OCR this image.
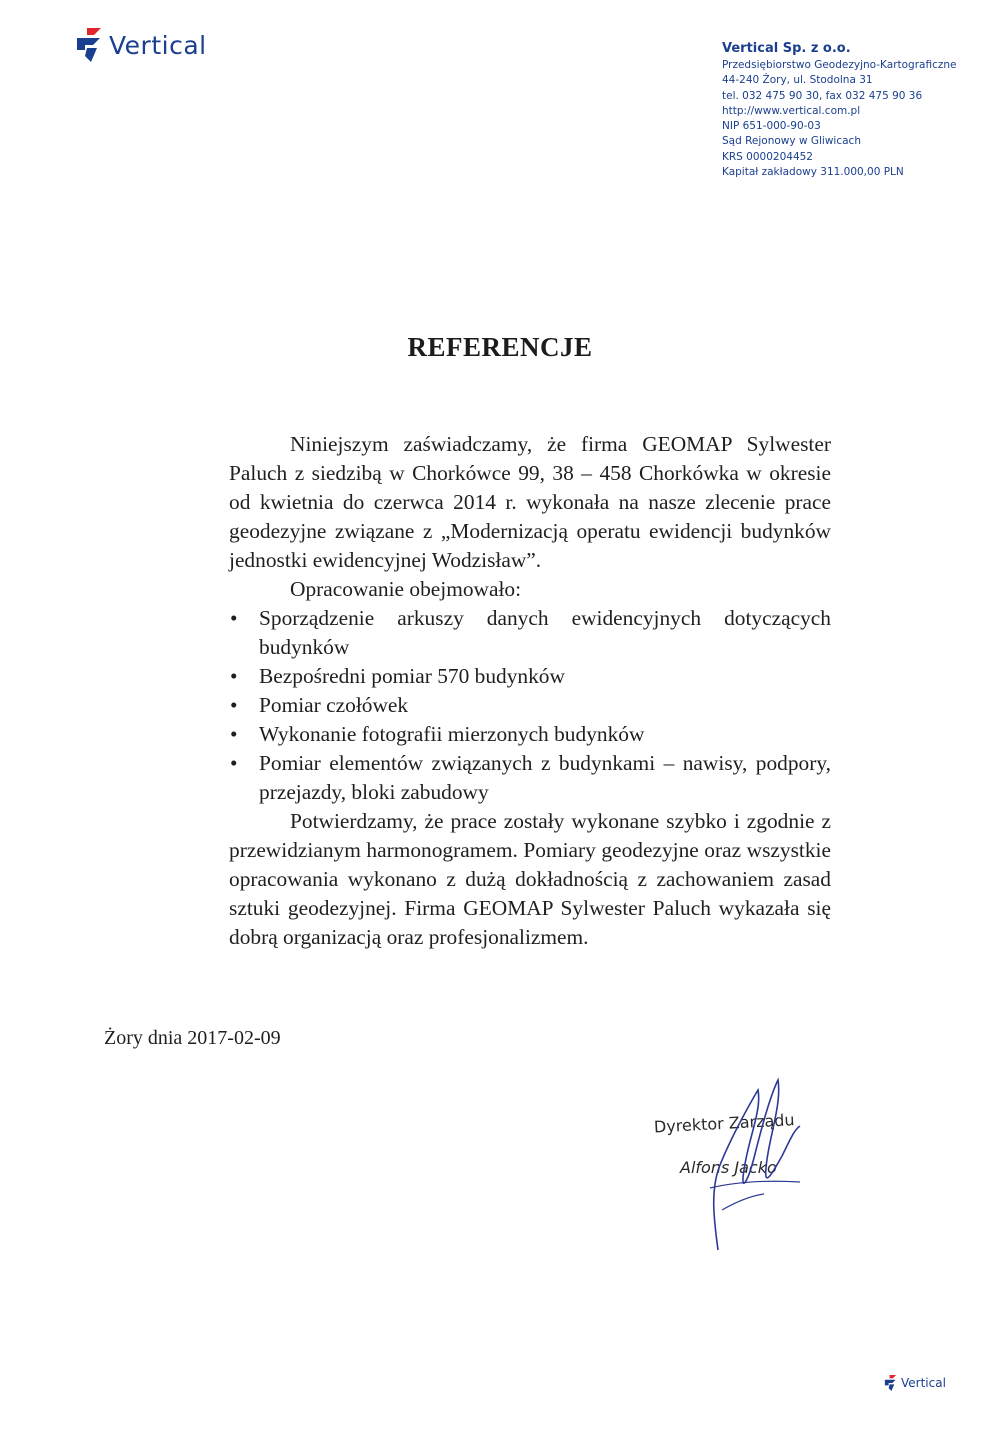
Vertical	Vertical Sp. z o.o.
Przedsiębiorstwo Geodezyjno-Kartograficzne
44-240 Żory, ul. Stodolna 31
tel. 032 475 90 30, fax 032 475 90 36
http://www.vertical.com.pl
NIP 651-000-90-03
Sąd Rejonowy w Gliwicach
KRS 0000204452
Kapitał zakładowy 311.000,00 PLN
REFERENCJE

Niniejszym zaświadczamy, że firma GEOMAP Sylwester Paluch z siedzibą w Chorkówce 99, 38 – 458 Chorkówka w okresie od kwietnia do czerwca 2014 r. wykonała na nasze zlecenie prace geodezyjne związane z „Modernizacją operatu ewidencji budynków jednostki ewidencyjnej Wodzisław”.

Opracowanie obejmowało:

• Sporządzenie arkuszy danych ewidencyjnych dotyczących budynków
• Bezpośredni pomiar 570 budynków
• Pomiar czołówek
• Wykonanie fotografii mierzonych budynków
• Pomiar elementów związanych z budynkami – nawisy, podpory, przejazdy, bloki zabudowy

Potwierdzamy, że prace zostały wykonane szybko i zgodnie z przewidzianym harmonogramem. Pomiary geodezyjne oraz wszystkie opracowania wykonano z dużą dokładnością z zachowaniem zasad sztuki geodezyjnej. Firma GEOMAP Sylwester Paluch wykazała się dobrą organizacją oraz profesjonalizmem.

Żory dnia 2017-02-09
Dyrektor Zarządu
Alfons Jacko
Vertical
